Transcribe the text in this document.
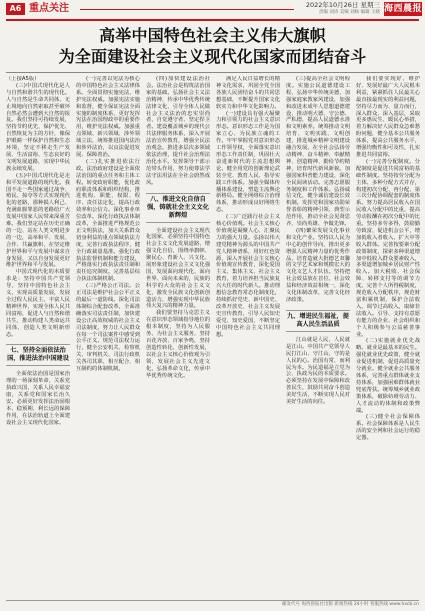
A6 重点关注	2022年10月26日 星期三
责编 刘涛 美编 刘杨 编辑 王晓 海西晨报
高举中国特色社会主义伟大旗帜
为全面建设社会主义现代化国家而团结奋斗

（上接A5版）

(三)中国式现代化是人与自然和谐共生的现代化。人与自然是生命共同体，无止境地向自然索取甚至破坏自然必然会遭到大自然的报复。我们坚持可持续发展，坚持节约优先、保护优先、自然恢复为主的方针，像保护眼睛一样保护自然和生态环境，坚定不移走生产发展、生活富裕、生态良好的文明发展道路，实现中华民族永续发展。

(五)中国式现代化是走和平发展道路的现代化。我国不走一些国家通过战争、殖民、掠夺等方式实现现代化的老路，那种损人利己、充满血腥罪恶的老路给广大发展中国家人民带来深重苦难。我们坚定站在历史正确的一边、站在人类文明进步的一边，高举和平、发展、合作、共赢旗帜，在坚定维护世界和平与发展中谋求自身发展，又以自身发展更好维护世界和平与发展。

中国式现代化的本质要求是：坚持中国共产党领导，坚持中国特色社会主义，实现高质量发展，发展全过程人民民主，丰富人民精神世界，实现全体人民共同富裕，促进人与自然和谐共生，推动构建人类命运共同体，创造人类文明新形态。

七、坚持全面依法治国，推进法治中国建设

全面依法治国是国家治理的一场深刻革命，关系党执政兴国，关系人民幸福安康，关系党和国家长治久安。必须更好发挥法治固根本、稳预期、利长远的保障作用，在法治轨道上全面建设社会主义现代化国家。

(一)完善以宪法为核心的中国特色社会主义法律体系。全面贯彻实施宪法，维护宪法权威。加强宪法实施和监督，健全保证宪法全面实施的制度体系，更好发挥宪法在治国理政中的重要作用，维护宪法权威。加强重点领域、新兴领域、涉外领域立法，统筹推进国内法治和涉外法治，以良法促进发展、保障善治。

(二)扎实推进依法行政。法治政府建设是全面依法治国的重点任务和主体工程。转变政府职能，优化政府职责体系和组织结构，推进机构、职能、权限、程序、责任法定化，提高行政效率和公信力。深化事业单位改革。深化行政执法体制改革，全面推进严格规范公正文明执法，加大关系群众切身利益的重点领域执法力度，完善行政执法程序，健全行政裁量基准。强化行政执法监督机制和能力建设，严格落实行政执法责任制和责任追究制度。完善基层综合执法体制机制。

(三)严格公正司法。公正司法是维护社会公平正义的最后一道防线。深化司法体制综合配套改革，全面准确落实司法责任制，加快建设公正高效权威的社会主义司法制度，努力让人民群众在每一个司法案件中感受到公平正义。规范司法权力运行，健全公安机关、检察机关、审判机关、司法行政机关各司其职、相互配合、相互制约的体制机制。

(四)加快建设法治社会。法治社会是构筑法治国家的基础。弘扬社会主义法治精神，传承中华优秀传统法律文化，引导全体人民做社会主义法治的忠实崇尚者、自觉遵守者、坚定捍卫者。建设覆盖城乡的现代公共法律服务体系，深入开展法治宣传教育，增强全民法治观念。推进多层次多领域依法治理，提升社会治理法治化水平。发挥领导干部示范带头作用，努力使尊法学法守法用法在全社会蔚然成风。

八、推进文化自信自强，铸就社会主义文化新辉煌

全面建设社会主义现代化国家，必须坚持中国特色社会主义文化发展道路，增强文化自信，围绕举旗帜、聚民心、育新人、兴文化、展形象建设社会主义文化强国，发展面向现代化、面向世界、面向未来的，民族的科学的大众的社会主义文化，激发全民族文化创新创造活力，增强实现中华民族伟大复兴的精神力量。

我们要坚持马克思主义在意识形态领域指导地位的根本制度，坚持为人民服务、为社会主义服务，坚持百花齐放、百家争鸣，坚持创造性转化、创新性发展，以社会主义核心价值观为引领，发展社会主义先进文化，弘扬革命文化，传承中华优秀传统文化。

满足人民日益增长的精神文化需求，巩固全党全国各族人民团结奋斗的共同思想基础，不断提升国家文化软实力和中华文化影响力。

(一)建设具有强大凝聚力和引领力的社会主义意识形态。意识形态工作是为国家立心、为民族立魂的工作。牢牢掌握党对意识形态工作领导权，全面落实意识形态工作责任制，巩固壮大奋进新时代的主流思想舆论。健全用党的创新理论武装全党、教育人民、指导实践工作体系。加强全媒体传播体系建设，塑造主流舆论新格局。健全网络综合治理体系，推动形成良好网络生态。

(二)广泛践行社会主义核心价值观。社会主义核心价值观是凝聚人心、汇聚民力的强大力量。弘扬以伟大建党精神为源头的中国共产党人精神谱系，用好红色资源，深入开展社会主义核心价值观宣传教育，深化爱国主义、集体主义、社会主义教育，着力培养担当民族复兴大任的时代新人。推动理想信念教育常态化制度化，持续抓好党史、新中国史、改革开放史、社会主义发展史宣传教育，引导人民知史爱党、知史爱国，不断坚定中国特色社会主义共同理想。

(三)提高全社会文明程度。实施公民道德建设工程，弘扬中华传统美德，加强家庭家教家风建设，加强和改进未成年人思想道德建设，推动明大德、守公德、严私德，提高人民道德水准和文明素养。统筹推动文明培育、文明实践、文明创建，推进城乡精神文明建设融合发展，在全社会弘扬劳动精神、奋斗精神、奉献精神、创造精神、勤俭节约精神，培育时代新风新貌。加强国家科普能力建设，深化全民阅读活动。完善志愿服务制度和工作体系。弘扬诚信文化，健全诚信建设长效机制。发挥党和国家功勋荣誉表彰的精神引领、典型示范作用，推动全社会见贤思齐、崇尚英雄、争做先锋。

(四)繁荣发展文化事业和文化产业。坚持以人民为中心的创作导向，推出更多增强人民精神力量的优秀作品，培育造就大批德艺双馨的文学艺术家和规模宏大的文化文艺人才队伍。坚持把社会效益放在首位、社会效益和经济效益相统一，深化文化体制改革，完善文化经济政策。

九、增进民生福祉，提高人民生活品质

江山就是人民，人民就是江山。中国共产党领导人民打江山、守江山，守的是人民的心。治国有常，而利民为本。为民造福是立党为公、执政为民的本质要求。必须坚持在发展中保障和改善民生，鼓励共同奋斗创造美好生活，不断实现人民对美好生活的向往。

我们要实现好、维护好、发展好最广大人民根本利益，紧紧抓住人民最关心最直接最现实的利益问题，坚持尽力而为、量力而行，深入群众、深入基层，采取更多惠民生、暖民心举措，着力解决好人民群众急难愁盼问题，健全基本公共服务体系，提高公共服务水平，增强均衡性和可及性，扎实推进共同富裕。

(一)完善分配制度。分配制度是促进共同富裕的基础性制度。坚持按劳分配为主体、多种分配方式并存，构建初次分配、再分配、第三次分配协调配套的制度体系。努力提高居民收入在国民收入分配中的比重，提高劳动报酬在初次分配中的比重。坚持多劳多得，鼓励勤劳致富，促进机会公平，增加低收入者收入，扩大中等收入群体。完善按要素分配政策制度，探索多种渠道增加中低收入群众要素收入，多渠道增加城乡居民财产性收入。加大税收、社会保障、转移支付等的调节力度。完善个人所得税制度，规范收入分配秩序，规范财富积累机制，保护合法收入，调节过高收入，取缔非法收入。引导、支持有意愿有能力的企业、社会组织和个人积极参与公益慈善事业。

(二)实施就业优先战略。就业是最基本的民生。强化就业优先政策，健全就业促进机制，促进高质量充分就业。健全就业公共服务体系，完善重点群体就业支持体系，加强困难群体就业兜底帮扶。统筹城乡就业政策体系，破除妨碍劳动力、人才流动的体制和政策弊端。

(三)健全社会保障体系。社会保障体系是人民生活的安全网和社会运行的稳定器。

邮发代号 海西晨报社出版 新闻热线 24小时 客服热线 www.hxcb.cn
